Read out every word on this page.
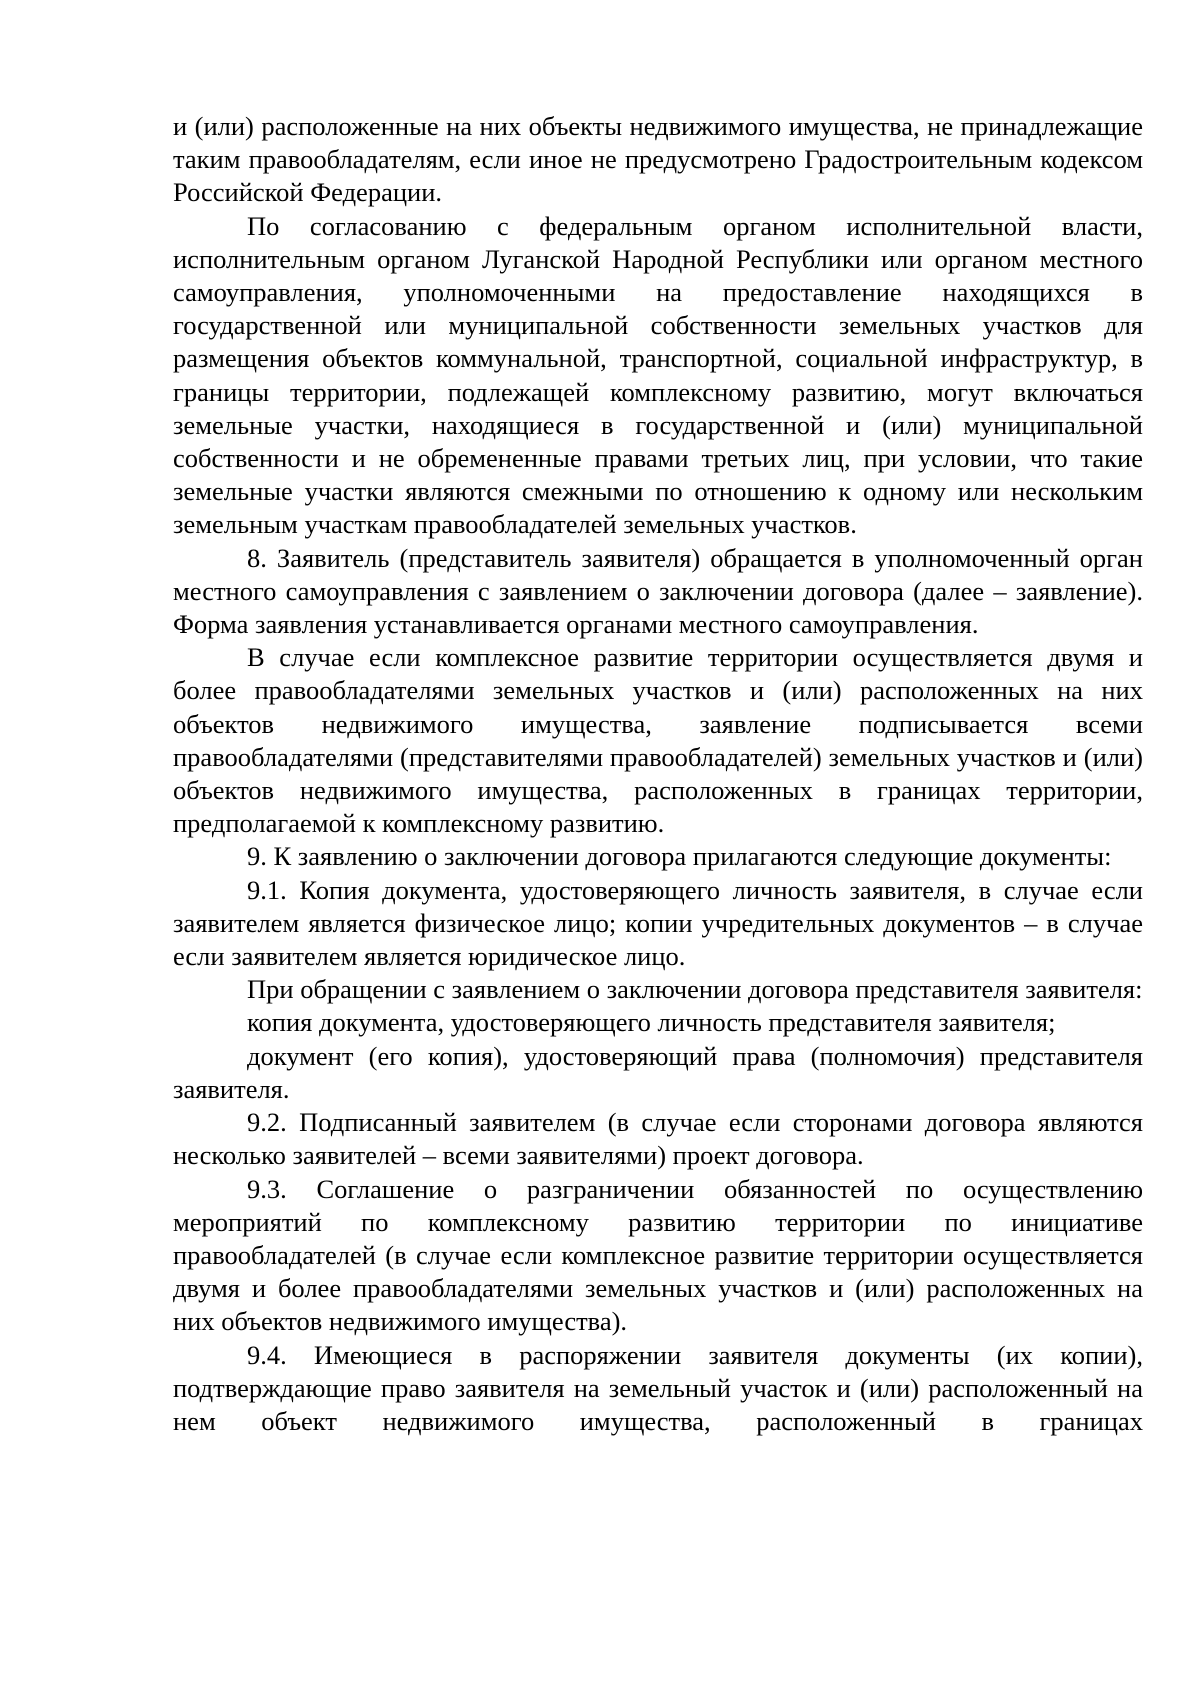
и (или) расположенные на них объекты недвижимого имущества, не принадлежащие таким правообладателям, если иное не предусмотрено Градостроительным кодексом Российской Федерации.

По согласованию с федеральным органом исполнительной власти, исполнительным органом Луганской Народной Республики или органом местного самоуправления, уполномоченными на предоставление находящихся в государственной или муниципальной собственности земельных участков для размещения объектов коммунальной, транспортной, социальной инфраструктур, в границы территории, подлежащей комплексному развитию, могут включаться земельные участки, находящиеся в государственной и (или) муниципальной собственности и не обремененные правами третьих лиц, при условии, что такие земельные участки являются смежными по отношению к одному или нескольким земельным участкам правообладателей земельных участков.

8. Заявитель (представитель заявителя) обращается в уполномоченный орган местного самоуправления с заявлением о заключении договора (далее – заявление). Форма заявления устанавливается органами местного самоуправления.

В случае если комплексное развитие территории осуществляется двумя и более правообладателями земельных участков и (или) расположенных на них объектов недвижимого имущества, заявление подписывается всеми правообладателями (представителями правообладателей) земельных участков и (или) объектов недвижимого имущества, расположенных в границах территории, предполагаемой к комплексному развитию.

9. К заявлению о заключении договора прилагаются следующие документы:

9.1. Копия документа, удостоверяющего личность заявителя, в случае если заявителем является физическое лицо; копии учредительных документов – в случае если заявителем является юридическое лицо.

При обращении с заявлением о заключении договора представителя заявителя:

копия документа, удостоверяющего личность представителя заявителя;

документ (его копия), удостоверяющий права (полномочия) представителя заявителя.

9.2. Подписанный заявителем (в случае если сторонами договора являются несколько заявителей – всеми заявителями) проект договора.

9.3. Соглашение о разграничении обязанностей по осуществлению мероприятий по комплексному развитию территории по инициативе правообладателей (в случае если комплексное развитие территории осуществляется двумя и более правообладателями земельных участков и (или) расположенных на них объектов недвижимого имущества).

9.4. Имеющиеся в распоряжении заявителя документы (их копии), подтверждающие право заявителя на земельный участок и (или) расположенный на нем объект недвижимого имущества, расположенный в границах
